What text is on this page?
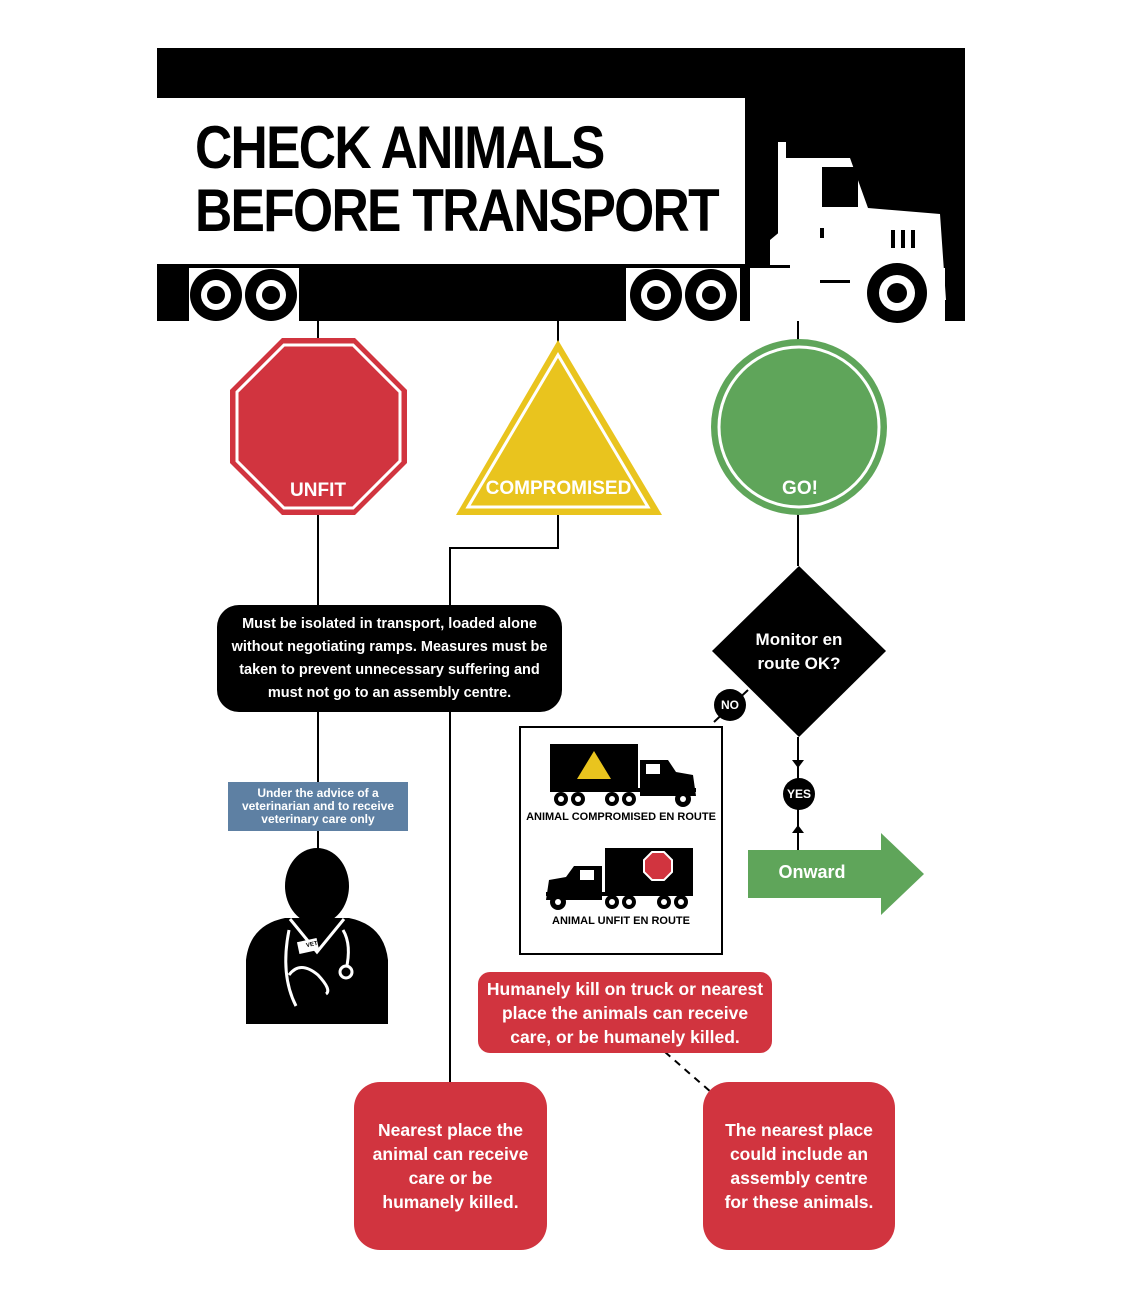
CHECK ANIMALS
BEFORE TRANSPORT
UNFIT	COMPROMISED	GO!
Must be isolated in transport, loaded alone without negotiating ramps. Measures must be taken to prevent unnecessary suffering and must not go to an assembly centre.
Under the advice of a veterinarian and to receive veterinary care only
VET
Monitor en route OK?
NO
YES
Onward
ANIMAL COMPROMISED EN ROUTE
ANIMAL UNFIT EN ROUTE
Humanely kill on truck or nearest place the animals can receive care, or be humanely killed.
Nearest place the animal can receive care or be humanely killed.
The nearest place could include an assembly centre for these animals.
